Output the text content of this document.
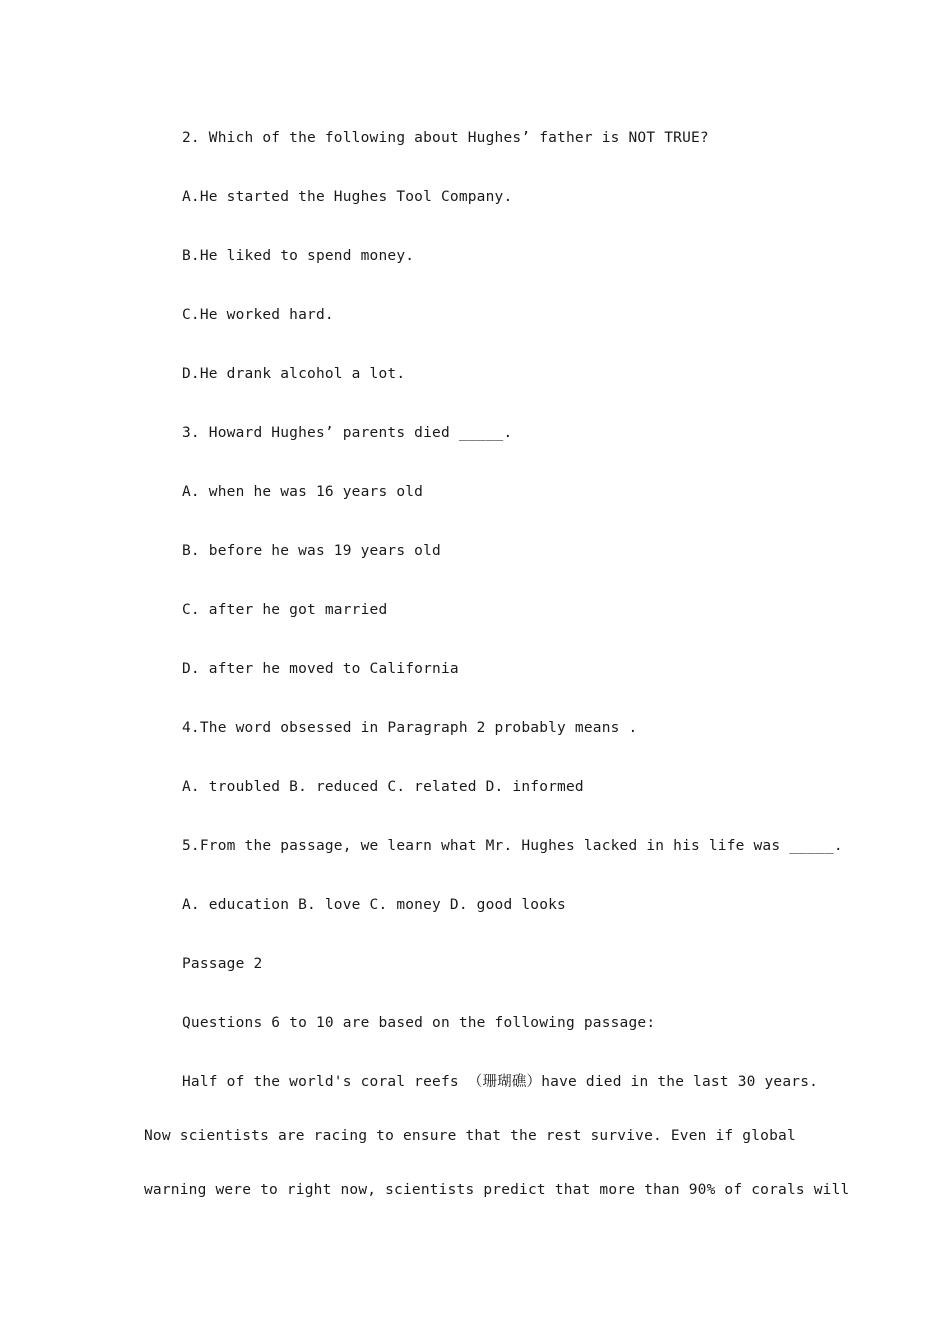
2. Which of the following about Hughes’ father is NOT TRUE?
A.He started the Hughes Tool Company.
B.He liked to spend money.
C.He worked hard.
D.He drank alcohol a lot.
3. Howard Hughes’ parents died _____.
A. when he was 16 years old
B. before he was 19 years old
C. after he got married
D. after he moved to California
4.The word obsessed in Paragraph 2 probably means .
A. troubled B. reduced C. related D. informed
5.From the passage, we learn what Mr. Hughes lacked in his life was _____.
A. education B. love C. money D. good looks
Passage 2
Questions 6 to 10 are based on the following passage:
Half of the world's coral reefs （珊瑚礁）have died in the last 30 years.
Now scientists are racing to ensure that the rest survive. Even if global
warning were to right now, scientists predict that more than 90% of corals will
